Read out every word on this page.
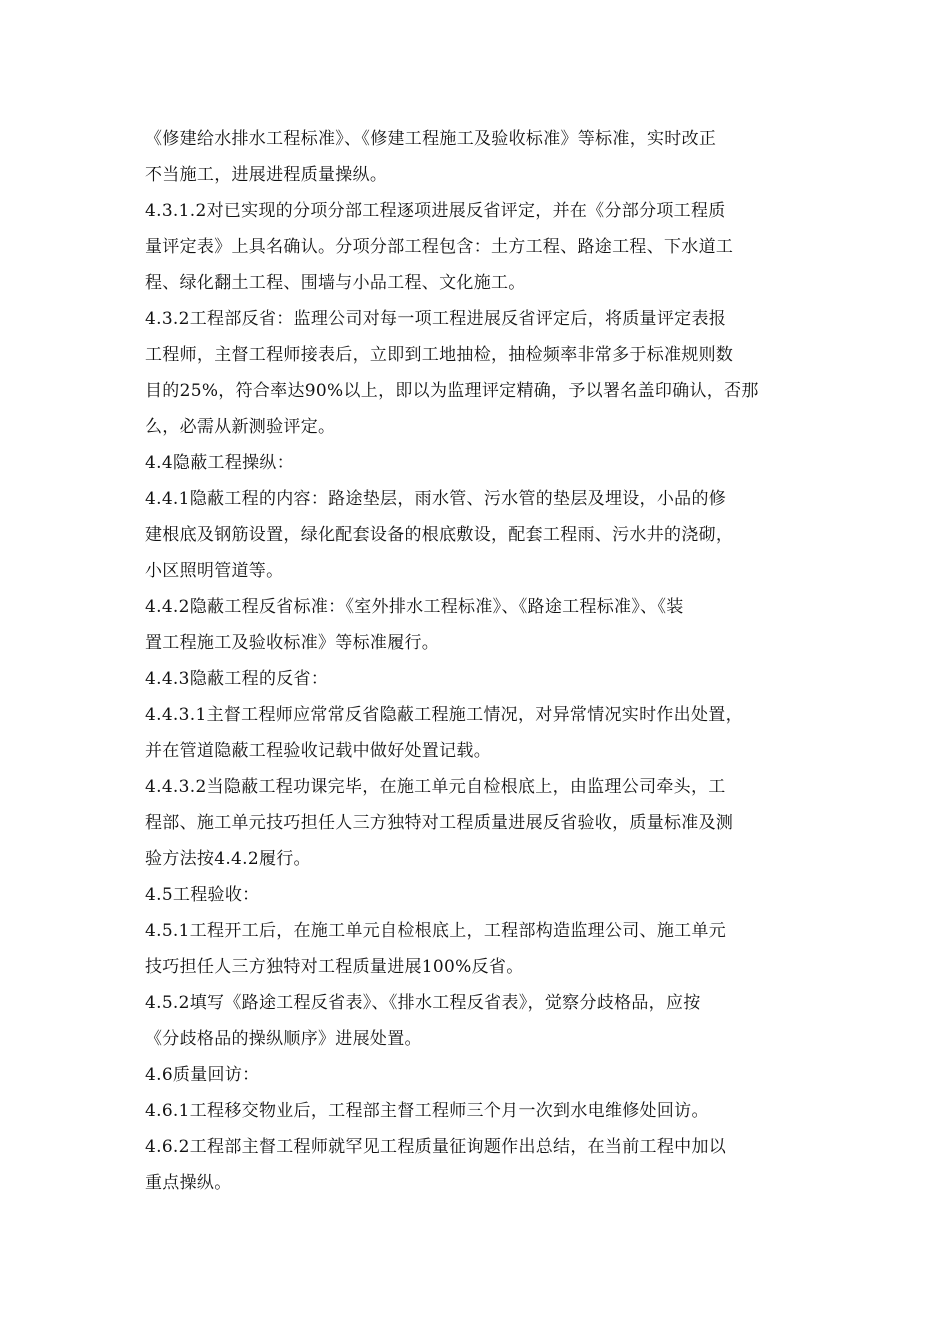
《修建给水排水工程标准》、《修建工程施工及验收标准》等标准，实时改正
不当施工，进展进程质量操纵。
4.3.1.2对已实现的分项分部工程逐项进展反省评定，并在《分部分项工程质
量评定表》上具名确认。分项分部工程包含：土方工程、路途工程、下水道工
程、绿化翻土工程、围墙与小品工程、文化施工。
4.3.2工程部反省：监理公司对每一项工程进展反省评定后，将质量评定表报
工程师，主督工程师接表后，立即到工地抽检，抽检频率非常多于标准规则数
目的25%，符合率达90%以上，即以为监理评定精确，予以署名盖印确认，否那
么，必需从新测验评定。
4.4隐蔽工程操纵：
4.4.1隐蔽工程的内容：路途垫层，雨水管、污水管的垫层及埋设，小品的修
建根底及钢筋设置，绿化配套设备的根底敷设，配套工程雨、污水井的浇砌，
小区照明管道等。
4.4.2隐蔽工程反省标准：《室外排水工程标准》、《路途工程标准》、《装
置工程施工及验收标准》等标准履行。
4.4.3隐蔽工程的反省：
4.4.3.1主督工程师应常常反省隐蔽工程施工情况，对异常情况实时作出处置，
并在管道隐蔽工程验收记载中做好处置记载。
4.4.3.2当隐蔽工程功课完毕，在施工单元自检根底上，由监理公司牵头，工
程部、施工单元技巧担任人三方独特对工程质量进展反省验收，质量标准及测
验方法按4.4.2履行。
4.5工程验收：
4.5.1工程开工后，在施工单元自检根底上，工程部构造监理公司、施工单元
技巧担任人三方独特对工程质量进展100%反省。
4.5.2填写《路途工程反省表》、《排水工程反省表》，觉察分歧格品，应按
《分歧格品的操纵顺序》进展处置。
4.6质量回访：
4.6.1工程移交物业后，工程部主督工程师三个月一次到水电维修处回访。
4.6.2工程部主督工程师就罕见工程质量征询题作出总结，在当前工程中加以
重点操纵。
